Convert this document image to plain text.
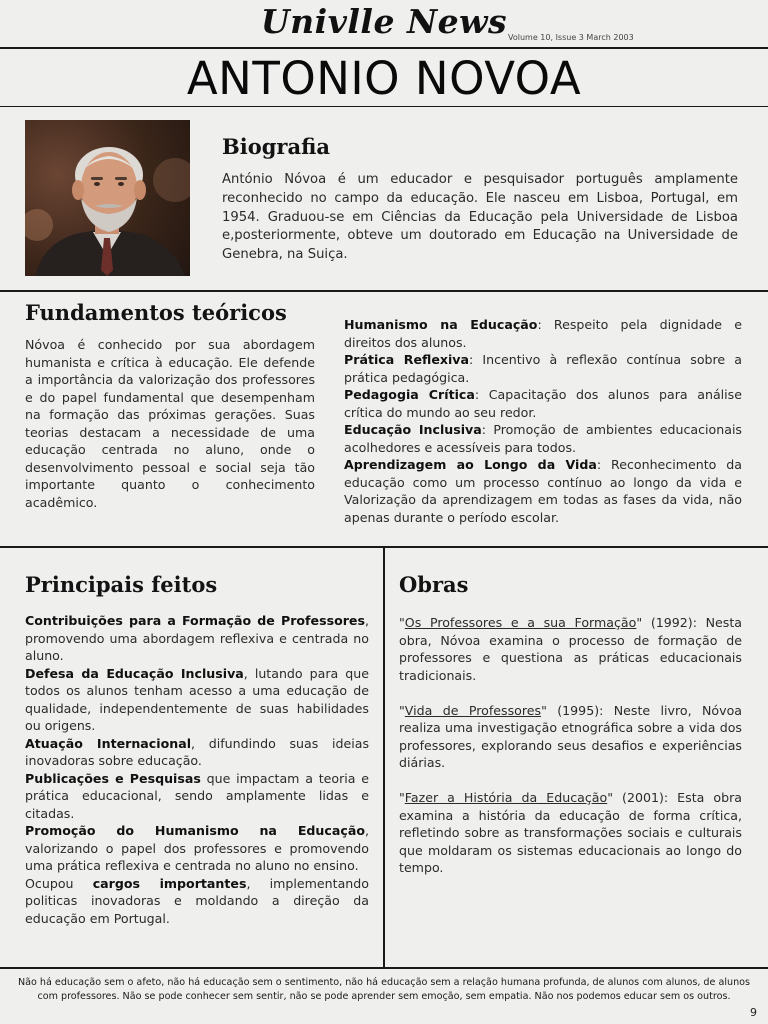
Univlle News Volume 10, Issue 3 March 2003
ANTONIO NOVOA
Biografia
António Nóvoa é um educador e pesquisador português amplamente reconhecido no campo da educação. Ele nasceu em Lisboa, Portugal, em 1954. Graduou-se em Ciências da Educação pela Universidade de Lisboa e,posteriormente, obteve um doutorado em Educação na Universidade de Genebra, na Suiça.
Fundamentos teóricos
Nóvoa é conhecido por sua abordagem humanista e crítica à educação. Ele defende a importância da valorização dos professores e do papel fundamental que desempenham na formação das próximas gerações. Suas teorias destacam a necessidade de uma educação centrada no aluno, onde o desenvolvimento pessoal e social seja tão importante quanto o conhecimento acadêmico.
Humanismo na Educação: Respeito pela dignidade e direitos dos alunos.
Prática Reflexiva: Incentivo à reflexão contínua sobre a prática pedagógica.
Pedagogia Crítica: Capacitação dos alunos para análise crítica do mundo ao seu redor.
Educação Inclusiva: Promoção de ambientes educacionais acolhedores e acessíveis para todos.
Aprendizagem ao Longo da Vida: Reconhecimento da educação como um processo contínuo ao longo da vida e Valorização da aprendizagem em todas as fases da vida, não apenas durante o período escolar.
Principais feitos
Contribuições para a Formação de Professores, promovendo uma abordagem reflexiva e centrada no aluno.
Defesa da Educação Inclusiva, lutando para que todos os alunos tenham acesso a uma educação de qualidade, independentemente de suas habilidades ou origens.
Atuação Internacional, difundindo suas ideias inovadoras sobre educação.
Publicações e Pesquisas que impactam a teoria e prática educacional, sendo amplamente lidas e citadas.
Promoção do Humanismo na Educação, valorizando o papel dos professores e promovendo uma prática reflexiva e centrada no aluno no ensino.
Ocupou cargos importantes, implementando politicas inovadoras e moldando a direção da educação em Portugal.
Obras
"Os Professores e a sua Formação" (1992): Nesta obra, Nóvoa examina o processo de formação de professores e questiona as práticas educacionais tradicionais.
"Vida de Professores" (1995): Neste livro, Nóvoa realiza uma investigação etnográfica sobre a vida dos professores, explorando seus desafios e experiências diárias.
"Fazer a História da Educação" (2001): Esta obra examina a história da educação de forma crítica, refletindo sobre as transformações sociais e culturais que moldaram os sistemas educacionais ao longo do tempo.
Não há educação sem o afeto, não há educação sem o sentimento, não há educação sem a relação humana profunda, de alunos com alunos, de alunos com professores. Não se pode conhecer sem sentir, não se pode aprender sem emoção, sem empatia. Não nos podemos educar sem os outros.
9
